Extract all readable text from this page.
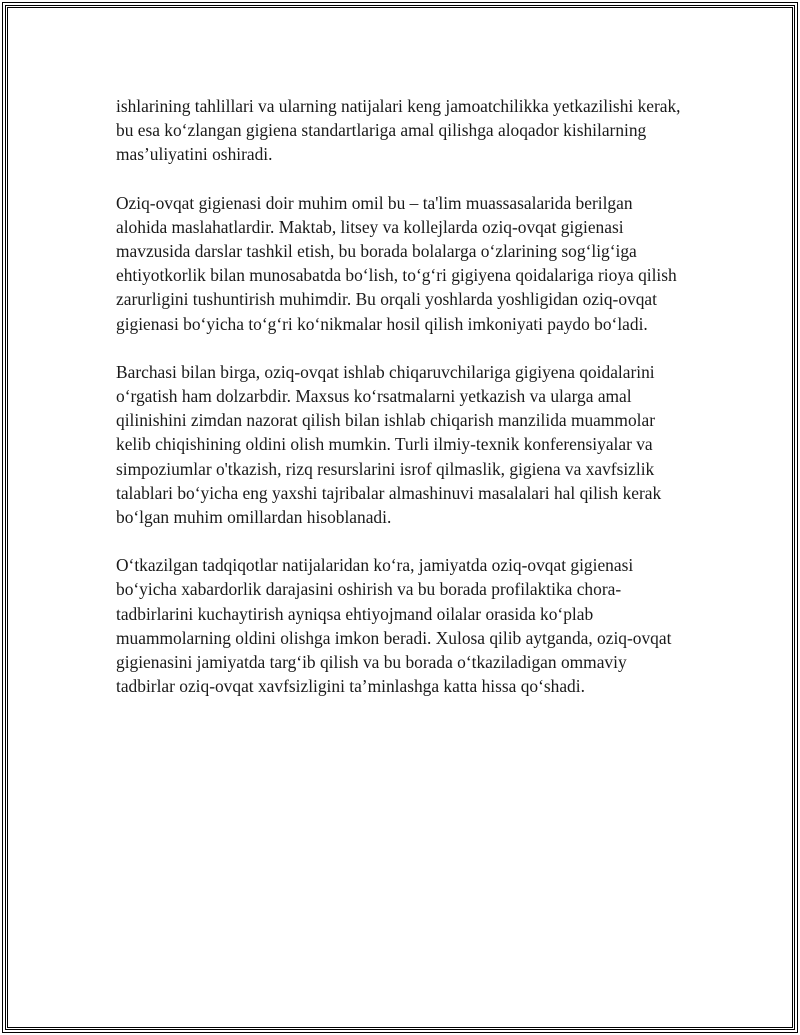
ishlarining tahlillari va ularning natijalari keng jamoatchilikka yetkazilishi kerak, bu esa ko‘zlangan gigiena standartlariga amal qilishga aloqador kishilarning mas’uliyatini oshiradi.

Oziq-ovqat gigienasi doir muhim omil bu – ta'lim muassasalarida berilgan alohida maslahatlardir. Maktab, litsey va kollejlarda oziq-ovqat gigienasi mavzusida darslar tashkil etish, bu borada bolalarga o‘zlarining sog‘lig‘iga ehtiyotkorlik bilan munosabatda bo‘lish, to‘g‘ri gigiyena qoidalariga rioya qilish zarurligini tushuntirish muhimdir. Bu orqali yoshlarda yoshligidan oziq-ovqat gigienasi bo‘yicha to‘g‘ri ko‘nikmalar hosil qilish imkoniyati paydo bo‘ladi.

Barchasi bilan birga, oziq-ovqat ishlab chiqaruvchilariga gigiyena qoidalarini o‘rgatish ham dolzarbdir. Maxsus ko‘rsatmalarni yetkazish va ularga amal qilinishini zimdan nazorat qilish bilan ishlab chiqarish manzilida muammolar kelib chiqishining oldini olish mumkin. Turli ilmiy-texnik konferensiyalar va simpoziumlar o'tkazish, rizq resurslarini isrof qilmaslik, gigiena va xavfsizlik talablari bo‘yicha eng yaxshi tajribalar almashinuvi masalalari hal qilish kerak bo‘lgan muhim omillardan hisoblanadi.

O‘tkazilgan tadqiqotlar natijalaridan ko‘ra, jamiyatda oziq-ovqat gigienasi bo‘yicha xabardorlik darajasini oshirish va bu borada profilaktika chora-tadbirlarini kuchaytirish ayniqsa ehtiyojmand oilalar orasida ko‘plab muammolarning oldini olishga imkon beradi. Xulosa qilib aytganda, oziq-ovqat gigienasini jamiyatda targ‘ib qilish va bu borada o‘tkaziladigan ommaviy tadbirlar oziq-ovqat xavfsizligini ta’minlashga katta hissa qo‘shadi.
